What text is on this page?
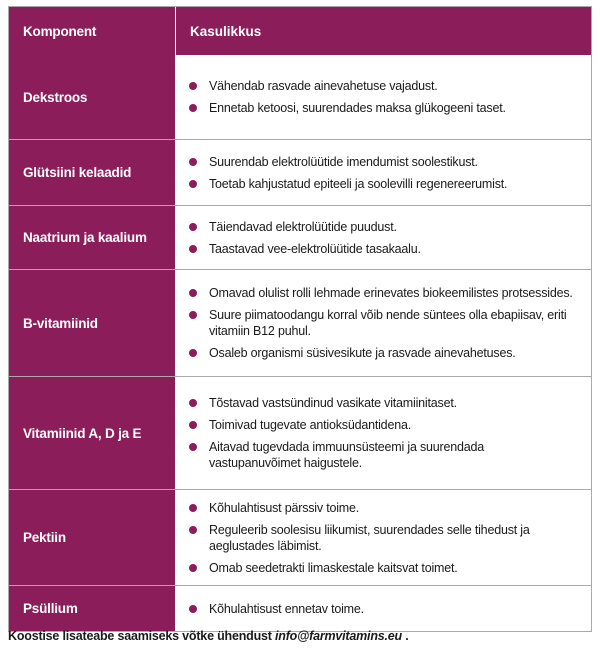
Komponent	Kasulikkus
Dekstroos
Vähendab rasvade ainevahetuse vajadust.
Ennetab ketoosi, suurendades maksa glükogeeni taset.
Glütsiini kelaadid
Suurendab elektrolüütide imendumist soolestikust.
Toetab kahjustatud epiteeli ja soolevilli regenereerumist.
Naatrium ja kaalium
Täiendavad elektrolüütide puudust.
Taastavad vee-elektrolüütide tasakaalu.
B-vitamiinid
Omavad olulist rolli lehmade erinevates biokeemilistes protsessides.
Suure piimatoodangu korral võib nende süntees olla ebapiisav, eriti vitamiin B12 puhul.
Osaleb organismi süsivesikute ja rasvade ainevahetuses.
Vitamiinid A, D ja E
Tõstavad vastsündinud vasikate vitamiinitaset.
Toimivad tugevate antioksüdantidena.
Aitavad tugevdada immuunsüsteemi ja suurendada vastupanuvõimet haigustele.
Pektiin
Kõhulahtisust pärssiv toime.
Reguleerib soolesisu liikumist, suurendades selle tihedust ja aeglustades läbimist.
Omab seedetrakti limaskestale kaitsvat toimet.
Psüllium	Kõhulahtisust ennetav toime.
Koostise lisateabe saamiseks võtke ühendust info@farmvitamins.eu .
